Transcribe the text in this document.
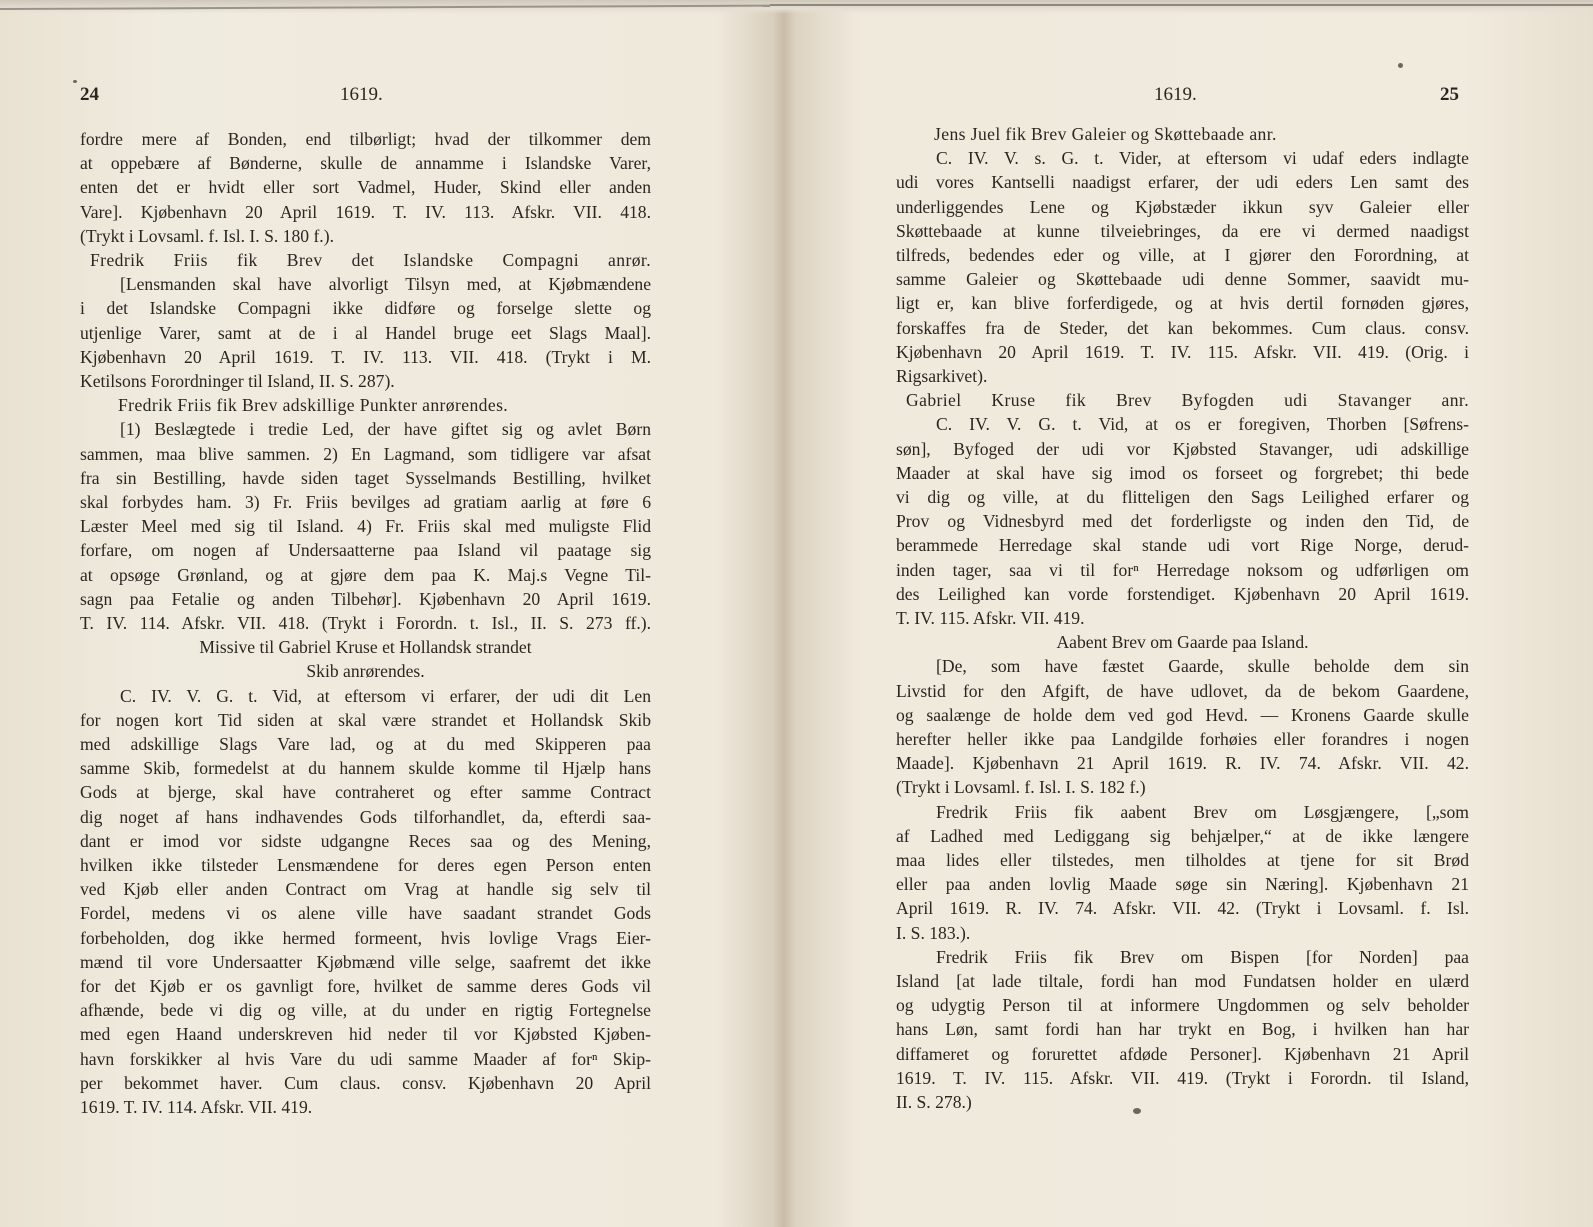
24	1619.
fordre mere af Bonden, end tilbørligt; hvad der tilkommer dem
at oppebære af Bønderne, skulle de annamme i Islandske Varer,
enten det er hvidt eller sort Vadmel, Huder, Skind eller anden
Vare]. Kjøbenhavn 20 April 1619. T. IV. 113. Afskr. VII. 418.
(Trykt i Lovsaml. f. Isl. I. S. 180 f.).
Fredrik Friis fik Brev det Islandske Compagni anrør.
[Lensmanden skal have alvorligt Tilsyn med, at Kjøbmændene
i det Islandske Compagni ikke didføre og forselge slette og
utjenlige Varer, samt at de i al Handel bruge eet Slags Maal].
Kjøbenhavn 20 April 1619. T. IV. 113. VII. 418. (Trykt i M.
Ketilsons Forordninger til Island, II. S. 287).
Fredrik Friis fik Brev adskillige Punkter anrørendes.
[1) Beslægtede i tredie Led, der have giftet sig og avlet Børn
sammen, maa blive sammen. 2) En Lagmand, som tidligere var afsat
fra sin Bestilling, havde siden taget Sysselmands Bestilling, hvilket
skal forbydes ham. 3) Fr. Friis bevilges ad gratiam aarlig at føre 6
Læster Meel med sig til Island. 4) Fr. Friis skal med muligste Flid
forfare, om nogen af Undersaatterne paa Island vil paatage sig
at opsøge Grønland, og at gjøre dem paa K. Maj.s Vegne Til-
sagn paa Fetalie og anden Tilbehør]. Kjøbenhavn 20 April 1619.
T. IV. 114. Afskr. VII. 418. (Trykt i Forordn. t. Isl., II. S. 273 ff.).
Missive til Gabriel Kruse et Hollandsk strandet
Skib anrørendes.
C. IV. V. G. t. Vid, at eftersom vi erfarer, der udi dit Len
for nogen kort Tid siden at skal være strandet et Hollandsk Skib
med adskillige Slags Vare lad, og at du med Skipperen paa
samme Skib, formedelst at du hannem skulde komme til Hjælp hans
Gods at bjerge, skal have contraheret og efter samme Contract
dig noget af hans indhavendes Gods tilforhandlet, da, efterdi saa-
dant er imod vor sidste udgangne Reces saa og des Mening,
hvilken ikke tilsteder Lensmændene for deres egen Person enten
ved Kjøb eller anden Contract om Vrag at handle sig selv til
Fordel, medens vi os alene ville have saadant strandet Gods
forbeholden, dog ikke hermed formeent, hvis lovlige Vrags Eier-
mænd til vore Undersaatter Kjøbmænd ville selge, saafremt det ikke
for det Kjøb er os gavnligt fore, hvilket de samme deres Gods vil
afhænde, bede vi dig og ville, at du under en rigtig Fortegnelse
med egen Haand underskreven hid neder til vor Kjøbsted Kjøben-
havn forskikker al hvis Vare du udi samme Maader af forⁿ Skip-
per bekommet haver. Cum claus. consv. Kjøbenhavn 20 April
1619. T. IV. 114. Afskr. VII. 419.
1619.	25
Jens Juel fik Brev Galeier og Skøttebaade anr.
C. IV. V. s. G. t. Vider, at eftersom vi udaf eders indlagte
udi vores Kantselli naadigst erfarer, der udi eders Len samt des
underliggendes Lene og Kjøbstæder ikkun syv Galeier eller
Skøttebaade at kunne tilveiebringes, da ere vi dermed naadigst
tilfreds, bedendes eder og ville, at I gjører den Forordning, at
samme Galeier og Skøttebaade udi denne Sommer, saavidt mu-
ligt er, kan blive forferdigede, og at hvis dertil fornøden gjøres,
forskaffes fra de Steder, det kan bekommes. Cum claus. consv.
Kjøbenhavn 20 April 1619. T. IV. 115. Afskr. VII. 419. (Orig. i
Rigsarkivet).
Gabriel Kruse fik Brev Byfogden udi Stavanger anr.
C. IV. V. G. t. Vid, at os er foregiven, Thorben [Søfrens-
søn], Byfoged der udi vor Kjøbsted Stavanger, udi adskillige
Maader at skal have sig imod os forseet og forgrebet; thi bede
vi dig og ville, at du flitteligen den Sags Leilighed erfarer og
Prov og Vidnesbyrd med det forderligste og inden den Tid, de
berammede Herredage skal stande udi vort Rige Norge, derud-
inden tager, saa vi til forⁿ Herredage noksom og udførligen om
des Leilighed kan vorde forstendiget. Kjøbenhavn 20 April 1619.
T. IV. 115. Afskr. VII. 419.
Aabent Brev om Gaarde paa Island.
[De, som have fæstet Gaarde, skulle beholde dem sin
Livstid for den Afgift, de have udlovet, da de bekom Gaardene,
og saalænge de holde dem ved god Hevd. — Kronens Gaarde skulle
herefter heller ikke paa Landgilde forhøies eller forandres i nogen
Maade]. Kjøbenhavn 21 April 1619. R. IV. 74. Afskr. VII. 42.
(Trykt i Lovsaml. f. Isl. I. S. 182 f.)
Fredrik Friis fik aabent Brev om Løsgjængere, [„som
af Ladhed med Lediggang sig behjælper,“ at de ikke længere
maa lides eller tilstedes, men tilholdes at tjene for sit Brød
eller paa anden lovlig Maade søge sin Næring]. Kjøbenhavn 21
April 1619. R. IV. 74. Afskr. VII. 42. (Trykt i Lovsaml. f. Isl.
I. S. 183.).
Fredrik Friis fik Brev om Bispen [for Norden] paa
Island [at lade tiltale, fordi han mod Fundatsen holder en ulærd
og udygtig Person til at informere Ungdommen og selv beholder
hans Løn, samt fordi han har trykt en Bog, i hvilken han har
diffameret og forurettet afdøde Personer]. Kjøbenhavn 21 April
1619. T. IV. 115. Afskr. VII. 419. (Trykt i Forordn. til Island,
II. S. 278.)
